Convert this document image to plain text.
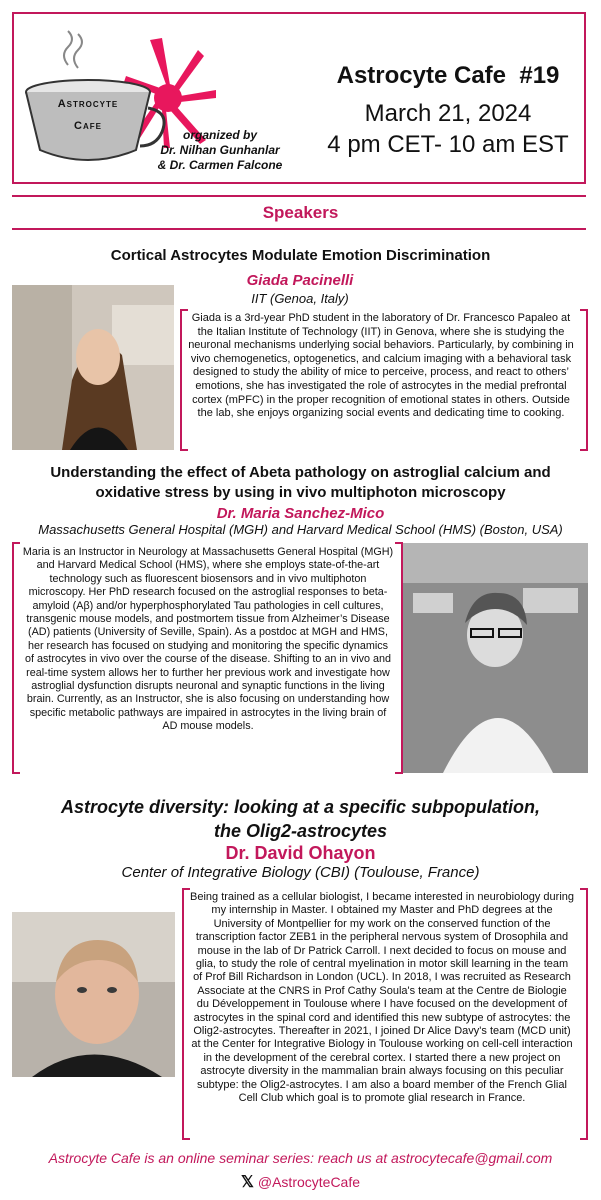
Astrocyte
Cafe
organized by
Dr. Nilhan Gunhanlar
& Dr. Carmen Falcone
Astrocyte Cafe  #19
March 21, 2024
4 pm CET- 10 am EST
Speakers
Cortical Astrocytes Modulate Emotion Discrimination
Giada Pacinelli
IIT (Genoa, Italy)
Giada is a 3rd-year PhD student in the laboratory of Dr. Francesco Papaleo at the Italian Institute of Technology (IIT) in Genova, where she is studying the neuronal mechanisms underlying social behaviors. Particularly, by combining in vivo chemogenetics, optogenetics, and calcium imaging with a behavioral task designed to study the ability of mice to perceive, process, and react to others’ emotions, she has investigated the role of astrocytes in the medial prefrontal cortex (mPFC) in the proper recognition of emotional states in others. Outside the lab, she enjoys organizing social events and dedicating time to cooking.
Understanding the effect of Abeta pathology on astroglial calcium and
oxidative stress by using in vivo multiphoton microscopy
Dr. Maria Sanchez-Mico
Massachusetts General Hospital (MGH) and Harvard Medical School (HMS) (Boston, USA)
Maria is an Instructor in Neurology at Massachusetts General Hospital (MGH) and Harvard Medical School (HMS), where she employs state-of-the-art technology such as fluorescent biosensors and in vivo multiphoton microscopy. Her PhD research focused on the astroglial responses to beta-amyloid (Aβ) and/or hyperphosphorylated Tau pathologies in cell cultures, transgenic mouse models, and postmortem tissue from Alzheimer’s Disease (AD) patients (University of Seville, Spain). As a postdoc at MGH and HMS, her research has focused on studying and monitoring the specific dynamics of astrocytes in vivo over the course of the disease. Shifting to an in vivo and real-time system allows her to further her previous work and investigate how astroglial dysfunction disrupts neuronal and synaptic functions in the living brain. Currently, as an Instructor, she is also focusing on understanding how specific metabolic pathways are impaired in astrocytes in the living brain of AD mouse models.
Astrocyte diversity: looking at a specific subpopulation,
the Olig2-astrocytes
Dr. David Ohayon
Center of Integrative Biology (CBI) (Toulouse, France)
Being trained as a cellular biologist, I became interested in neurobiology during my internship in Master. I obtained my Master and PhD degrees at the University of Montpellier for my work on the conserved function of the transcription factor ZEB1 in the peripheral nervous system of Drosophila and mouse in the lab of Dr Patrick Carroll. I next decided to focus on mouse and glia, to study the role of central myelination in motor skill learning in the team of Prof Bill Richardson in London (UCL). In 2018, I was recruited as Research Associate at the CNRS in Prof Cathy Soula's team at the Centre de Biologie du Développement in Toulouse where I have focused on the development of astrocytes in the spinal cord and identified this new subtype of astrocytes: the Olig2-astrocytes. Thereafter in 2021, I joined Dr Alice Davy's team (MCD unit) at the Center for Integrative Biology in Toulouse working on cell-cell interaction in the development of the cerebral cortex. I started there a new project on astrocyte diversity in the mammalian brain always focusing on this peculiar subtype: the Olig2-astrocytes. I am also a board member of the French Glial Cell Club which goal is to promote glial research in France.
Astrocyte Cafe is an online seminar series: reach us at astrocytecafe@gmail.com
𝕏 @AstrocyteCafe
